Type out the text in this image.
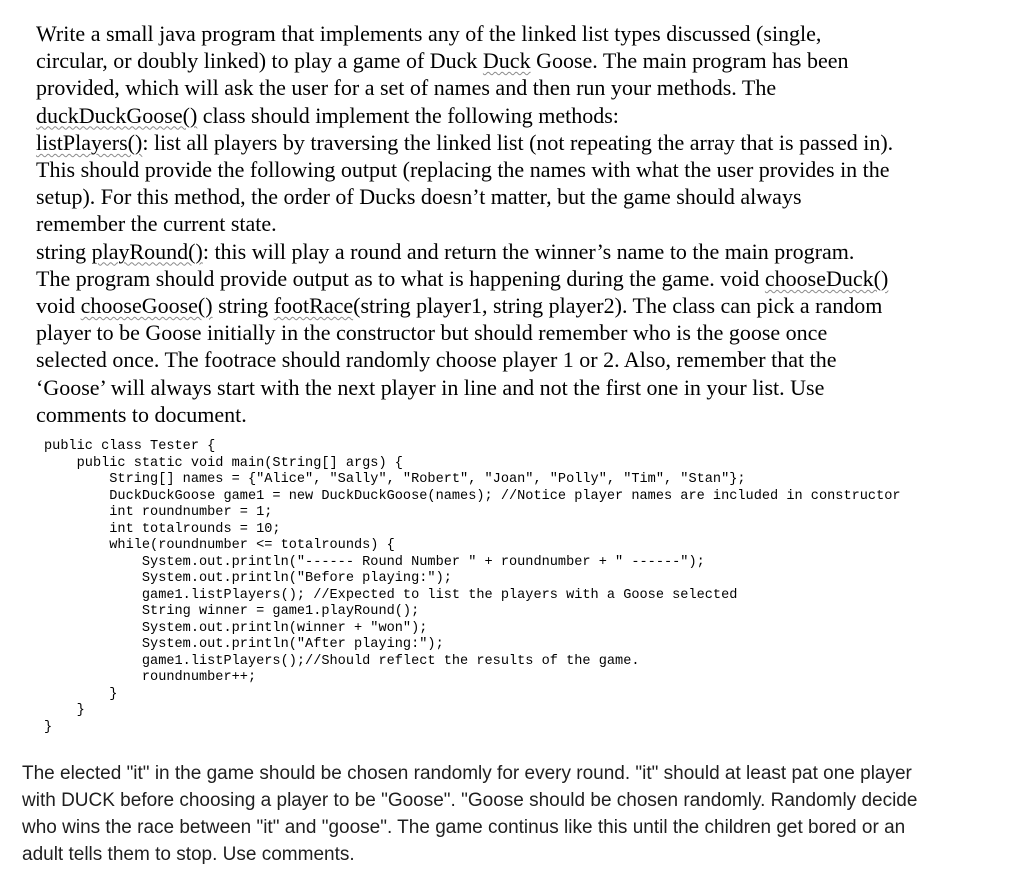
Write a small java program that implements any of the linked list types discussed (single,
circular, or doubly linked) to play a game of Duck Duck Goose. The main program has been
provided, which will ask the user for a set of names and then run your methods. The
duckDuckGoose() class should implement the following methods:
listPlayers(): list all players by traversing the linked list (not repeating the array that is passed in).
This should provide the following output (replacing the names with what the user provides in the
setup). For this method, the order of Ducks doesn’t matter, but the game should always
remember the current state.
string playRound(): this will play a round and return the winner’s name to the main program.
The program should provide output as to what is happening during the game. void chooseDuck()
void chooseGoose() string footRace(string player1, string player2). The class can pick a random
player to be Goose initially in the constructor but should remember who is the goose once
selected once. The footrace should randomly choose player 1 or 2. Also, remember that the
‘Goose’ will always start with the next player in line and not the first one in your list. Use
comments to document.
public class Tester {
public static void main(String[] args) {
String[] names = {"Alice", "Sally", "Robert", "Joan", "Polly", "Tim", "Stan"};
DuckDuckGoose game1 = new DuckDuckGoose(names); //Notice player names are included in constructor
int roundnumber = 1;
int totalrounds = 10;
while(roundnumber <= totalrounds) {
System.out.println("------ Round Number " + roundnumber + " ------");
System.out.println("Before playing:");
game1.listPlayers(); //Expected to list the players with a Goose selected
String winner = game1.playRound();
System.out.println(winner + "won");
System.out.println("After playing:");
game1.listPlayers();//Should reflect the results of the game.
roundnumber++;
}
}
}
The elected "it" in the game should be chosen randomly for every round. "it" should at least pat one player
with DUCK before choosing a player to be "Goose". "Goose should be chosen randomly. Randomly decide
who wins the race between "it" and "goose". The game continus like this until the children get bored or an
adult tells them to stop. Use comments.
